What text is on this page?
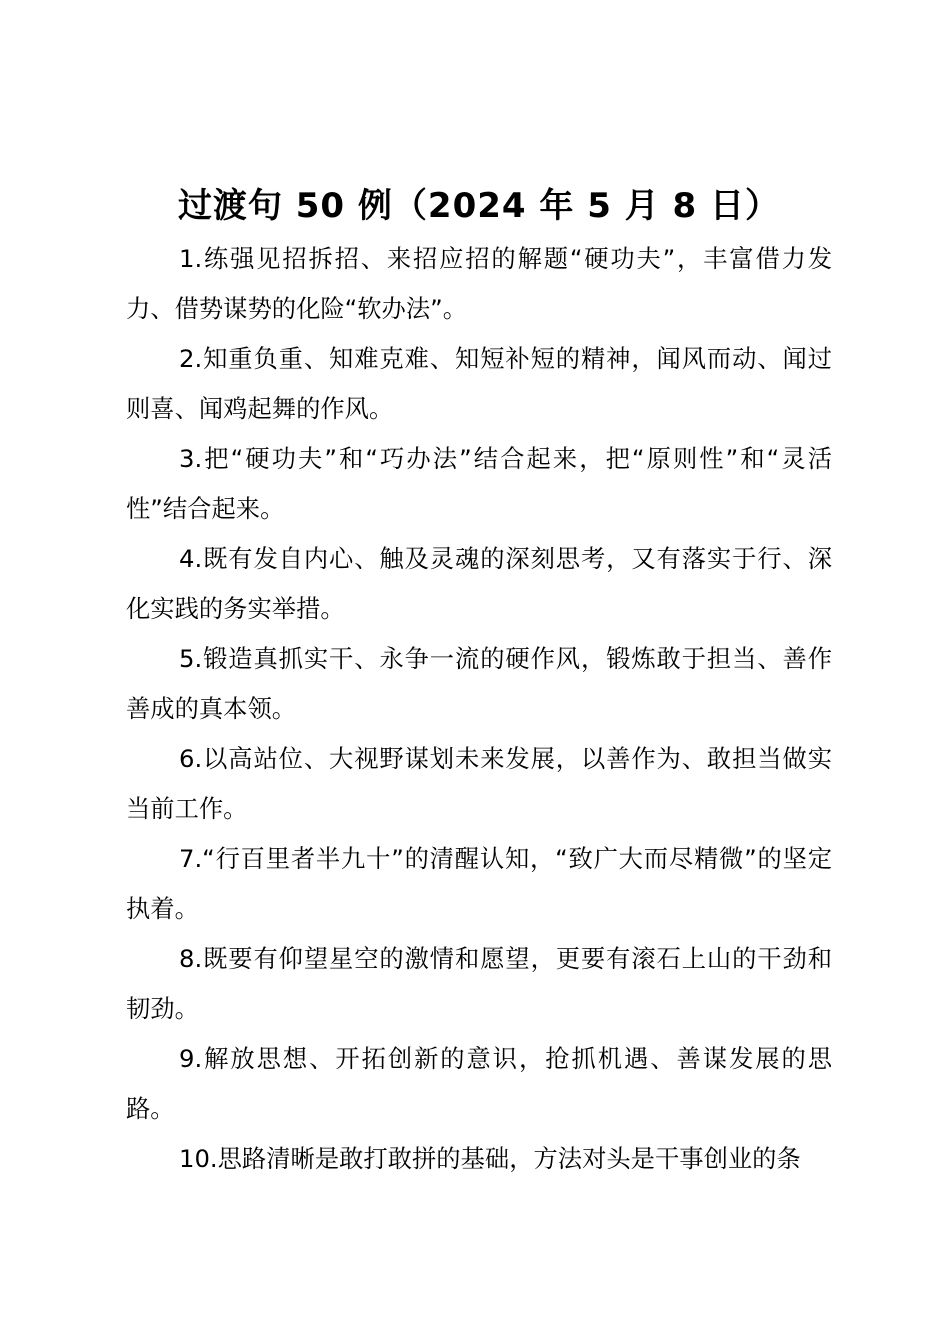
过渡句 50 例（2024 年 5 月 8 日）

1.练强见招拆招、来招应招的解题“硬功夫”，丰富借力发力、借势谋势的化险“软办法”。

2.知重负重、知难克难、知短补短的精神，闻风而动、闻过则喜、闻鸡起舞的作风。

3.把“硬功夫”和“巧办法”结合起来，把“原则性”和“灵活性”结合起来。

4.既有发自内心、触及灵魂的深刻思考，又有落实于行、深化实践的务实举措。

5.锻造真抓实干、永争一流的硬作风，锻炼敢于担当、善作善成的真本领。

6.以高站位、大视野谋划未来发展，以善作为、敢担当做实当前工作。

7.“行百里者半九十”的清醒认知，“致广大而尽精微”的坚定执着。

8.既要有仰望星空的激情和愿望，更要有滚石上山的干劲和韧劲。

9.解放思想、开拓创新的意识，抢抓机遇、善谋发展的思路。

10.思路清晰是敢打敢拼的基础，方法对头是干事创业的条
